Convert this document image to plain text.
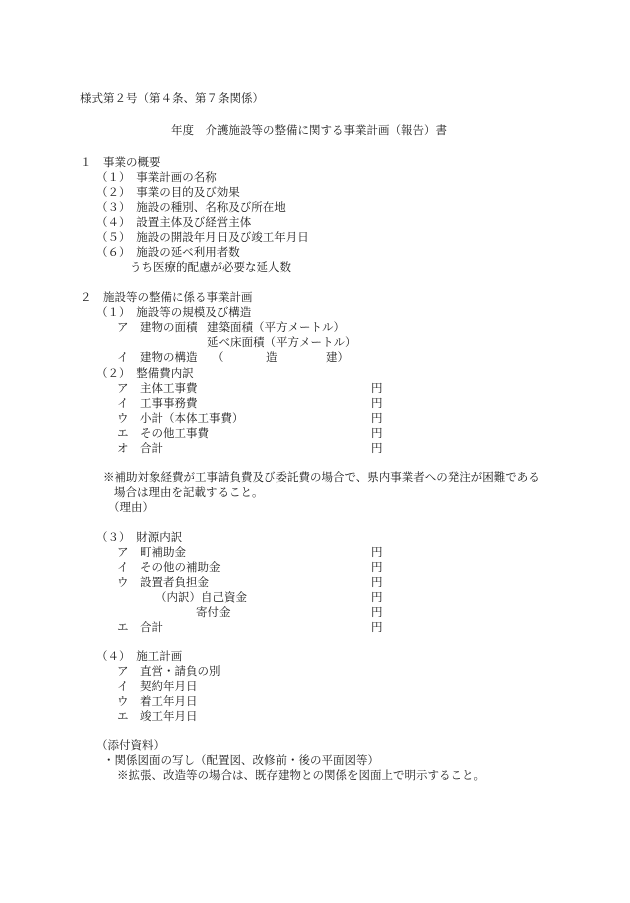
様式第２号（第４条、第７条関係）
年度　介護施設等の整備に関する事業計画（報告）書
１　事業の概要
（１）　事業計画の名称
（２）　事業の目的及び効果
（３）　施設の種別、名称及び所在地
（４）　設置主体及び経営主体
（５）　施設の開設年月日及び竣工年月日
（６）　施設の延べ利用者数
うち医療的配慮が必要な延人数
２　施設等の整備に係る事業計画
（１）　施設等の規模及び構造
ア　建物の面積 建築面積（平方メートル）
延べ床面積（平方メートル）
イ　建物の構造 （	造	建）
（２）　整備費内訳
ア　主体工事費	円
イ　工事事務費	円
ウ　小計（本体工事費）	円
エ　その他工事費	円
オ　合計	円
※補助対象経費が工事請負費及び委託費の場合で、県内事業者への発注が困難である
場合は理由を記載すること。
（理由）
（３）　財源内訳
ア　町補助金	円
イ　その他の補助金	円
ウ　設置者負担金	円
（内訳）自己資金	円
寄付金	円
エ　合計	円
（４）　施工計画
ア　直営・請負の別
イ　契約年月日
ウ　着工年月日
エ　竣工年月日
（添付資料）
・関係図面の写し（配置図、改修前・後の平面図等）
※拡張、改造等の場合は、既存建物との関係を図面上で明示すること。
